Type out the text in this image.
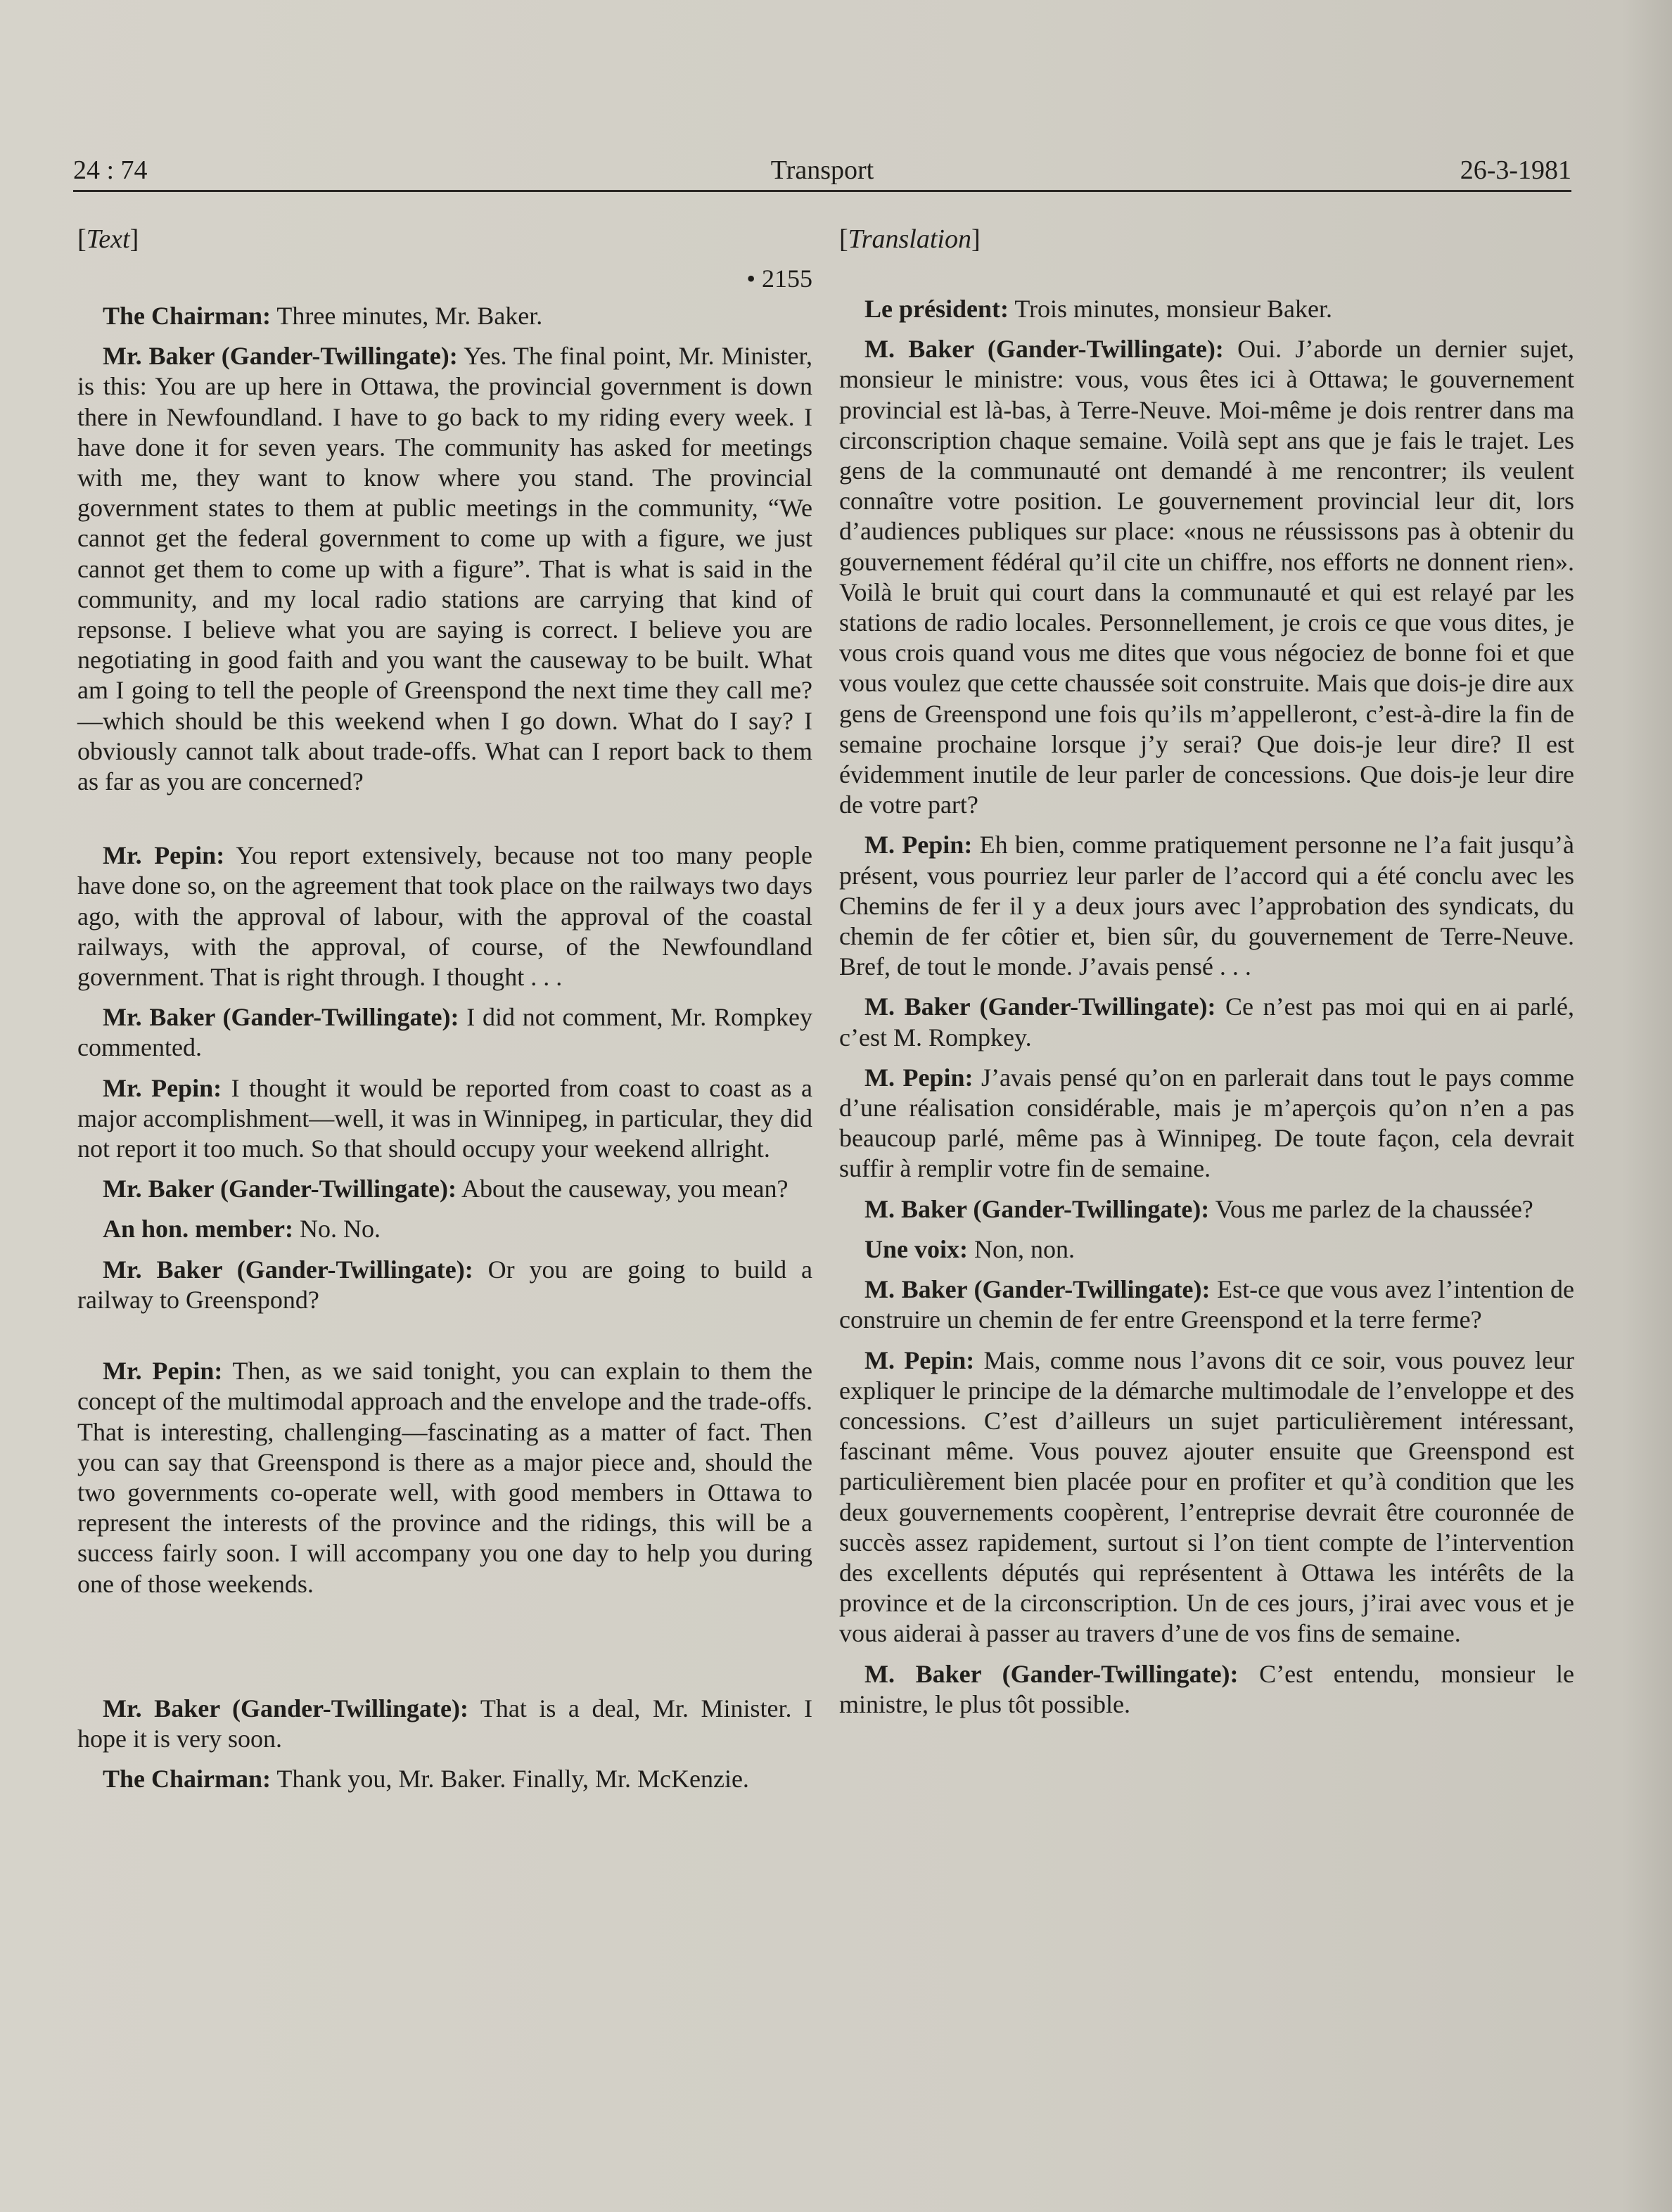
24 : 74	Transport	26-3-1981
[Text]
• 2155

The Chairman: Three minutes, Mr. Baker.

Mr. Baker (Gander-Twillingate): Yes. The final point, Mr. Minister, is this: You are up here in Ottawa, the provincial government is down there in Newfoundland. I have to go back to my riding every week. I have done it for seven years. The community has asked for meetings with me, they want to know where you stand. The provincial government states to them at public meetings in the community, “We cannot get the federal government to come up with a figure, we just cannot get them to come up with a figure”. That is what is said in the community, and my local radio stations are carrying that kind of repsonse. I believe what you are saying is correct. I believe you are negotiating in good faith and you want the causeway to be built. What am I going to tell the people of Greenspond the next time they call me? —which should be this weekend when I go down. What do I say? I obviously cannot talk about trade-offs. What can I report back to them as far as you are concerned?

Mr. Pepin: You report extensively, because not too many people have done so, on the agreement that took place on the railways two days ago, with the approval of labour, with the approval of the coastal railways, with the approval, of course, of the Newfoundland government. That is right through. I thought . . .

Mr. Baker (Gander-Twillingate): I did not comment, Mr. Rompkey commented.

Mr. Pepin: I thought it would be reported from coast to coast as a major accomplishment—well, it was in Winnipeg, in particular, they did not report it too much. So that should occupy your weekend allright.

Mr. Baker (Gander-Twillingate): About the causeway, you mean?

An hon. member: No. No.

Mr. Baker (Gander-Twillingate): Or you are going to build a railway to Greenspond?

Mr. Pepin: Then, as we said tonight, you can explain to them the concept of the multimodal approach and the envelope and the trade-offs. That is interesting, challenging—fascinating as a matter of fact. Then you can say that Greenspond is there as a major piece and, should the two governments co-operate well, with good members in Ottawa to represent the interests of the province and the ridings, this will be a success fairly soon. I will accompany you one day to help you during one of those weekends.

Mr. Baker (Gander-Twillingate): That is a deal, Mr. Minister. I hope it is very soon.

The Chairman: Thank you, Mr. Baker. Finally, Mr. McKenzie.

[Translation]

Le président: Trois minutes, monsieur Baker.

M. Baker (Gander-Twillingate): Oui. J’aborde un dernier sujet, monsieur le ministre: vous, vous êtes ici à Ottawa; le gouvernement provincial est là-bas, à Terre-Neuve. Moi-même je dois rentrer dans ma circonscription chaque semaine. Voilà sept ans que je fais le trajet. Les gens de la communauté ont demandé à me rencontrer; ils veulent connaître votre position. Le gouvernement provincial leur dit, lors d’audiences publiques sur place: «nous ne réussissons pas à obtenir du gouvernement fédéral qu’il cite un chiffre, nos efforts ne donnent rien». Voilà le bruit qui court dans la communauté et qui est relayé par les stations de radio locales. Personnellement, je crois ce que vous dites, je vous crois quand vous me dites que vous négociez de bonne foi et que vous voulez que cette chaussée soit construite. Mais que dois-je dire aux gens de Greenspond une fois qu’ils m’appelleront, c’est-à-dire la fin de semaine prochaine lorsque j’y serai? Que dois-je leur dire? Il est évidemment inutile de leur parler de concessions. Que dois-je leur dire de votre part?

M. Pepin: Eh bien, comme pratiquement personne ne l’a fait jusqu’à présent, vous pourriez leur parler de l’accord qui a été conclu avec les Chemins de fer il y a deux jours avec l’approbation des syndicats, du chemin de fer côtier et, bien sûr, du gouvernement de Terre-Neuve. Bref, de tout le monde. J’avais pensé . . .

M. Baker (Gander-Twillingate): Ce n’est pas moi qui en ai parlé, c’est M. Rompkey.

M. Pepin: J’avais pensé qu’on en parlerait dans tout le pays comme d’une réalisation considérable, mais je m’aperçois qu’on n’en a pas beaucoup parlé, même pas à Winnipeg. De toute façon, cela devrait suffir à remplir votre fin de semaine.

M. Baker (Gander-Twillingate): Vous me parlez de la chaussée?

Une voix: Non, non.

M. Baker (Gander-Twillingate): Est-ce que vous avez l’intention de construire un chemin de fer entre Greenspond et la terre ferme?

M. Pepin: Mais, comme nous l’avons dit ce soir, vous pouvez leur expliquer le principe de la démarche multimodale de l’enveloppe et des concessions. C’est d’ailleurs un sujet particulièrement intéressant, fascinant même. Vous pouvez ajouter ensuite que Greenspond est particulièrement bien placée pour en profiter et qu’à condition que les deux gouvernements coopèrent, l’entreprise devrait être couronnée de succès assez rapidement, surtout si l’on tient compte de l’intervention des excellents députés qui représentent à Ottawa les intérêts de la province et de la circonscription. Un de ces jours, j’irai avec vous et je vous aiderai à passer au travers d’une de vos fins de semaine.

M. Baker (Gander-Twillingate): C’est entendu, monsieur le ministre, le plus tôt possible.
